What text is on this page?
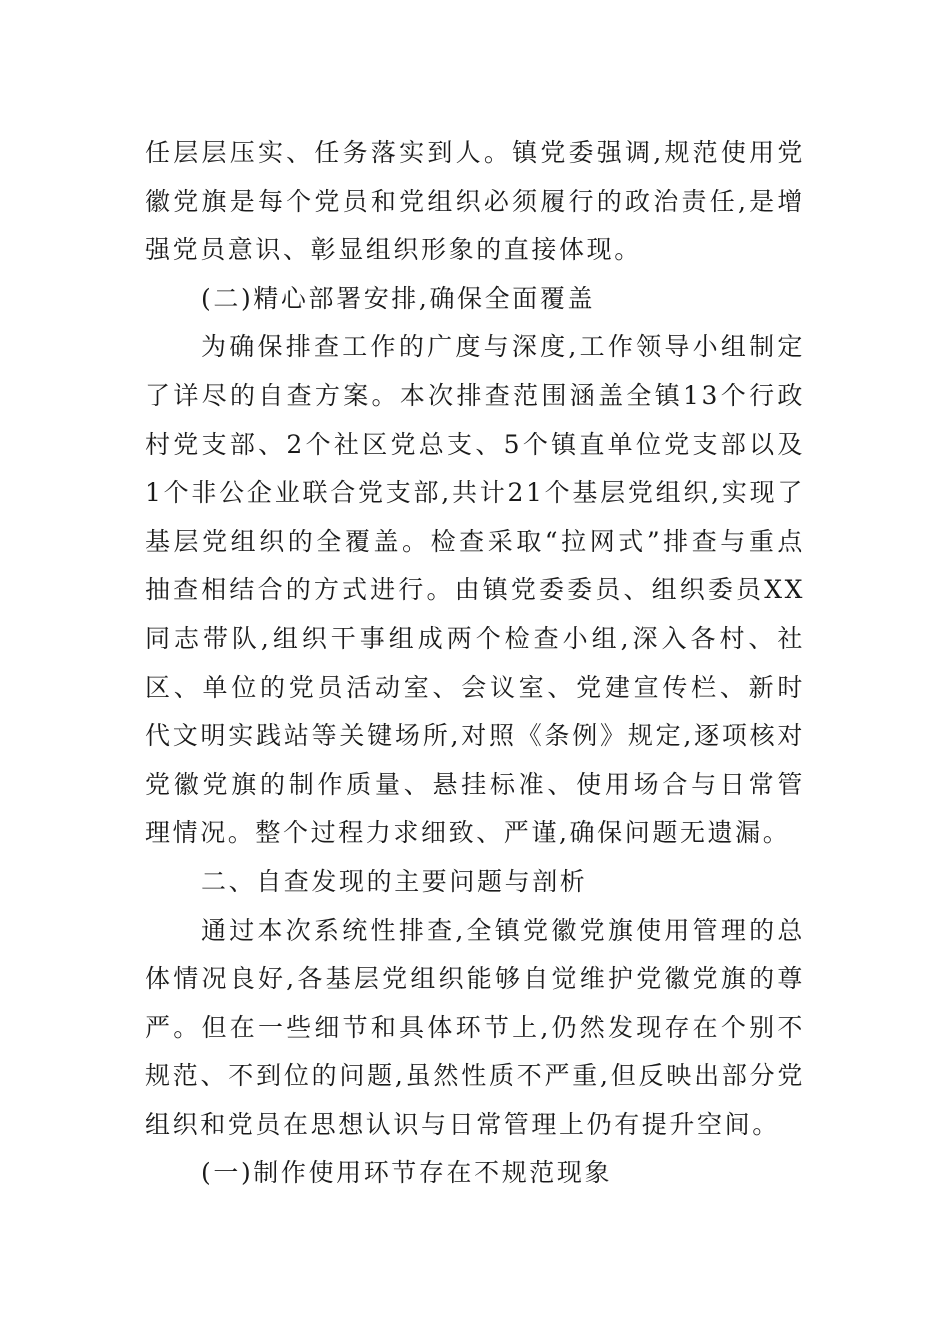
任层层压实、任务落实到人。镇党委强调,规范使用党徽党旗是每个党员和党组织必须履行的政治责任,是增强党员意识、彰显组织形象的直接体现。

(二)精心部署安排,确保全面覆盖

为确保排查工作的广度与深度,工作领导小组制定了详尽的自查方案。本次排查范围涵盖全镇13个行政村党支部、2个社区党总支、5个镇直单位党支部以及1个非公企业联合党支部,共计21个基层党组织,实现了基层党组织的全覆盖。检查采取“拉网式”排查与重点抽查相结合的方式进行。由镇党委委员、组织委员XX同志带队,组织干事组成两个检查小组,深入各村、社区、单位的党员活动室、会议室、党建宣传栏、新时代文明实践站等关键场所,对照《条例》规定,逐项核对党徽党旗的制作质量、悬挂标准、使用场合与日常管理情况。整个过程力求细致、严谨,确保问题无遗漏。

二、自查发现的主要问题与剖析

通过本次系统性排查,全镇党徽党旗使用管理的总体情况良好,各基层党组织能够自觉维护党徽党旗的尊严。但在一些细节和具体环节上,仍然发现存在个别不规范、不到位的问题,虽然性质不严重,但反映出部分党组织和党员在思想认识与日常管理上仍有提升空间。

(一)制作使用环节存在不规范现象
